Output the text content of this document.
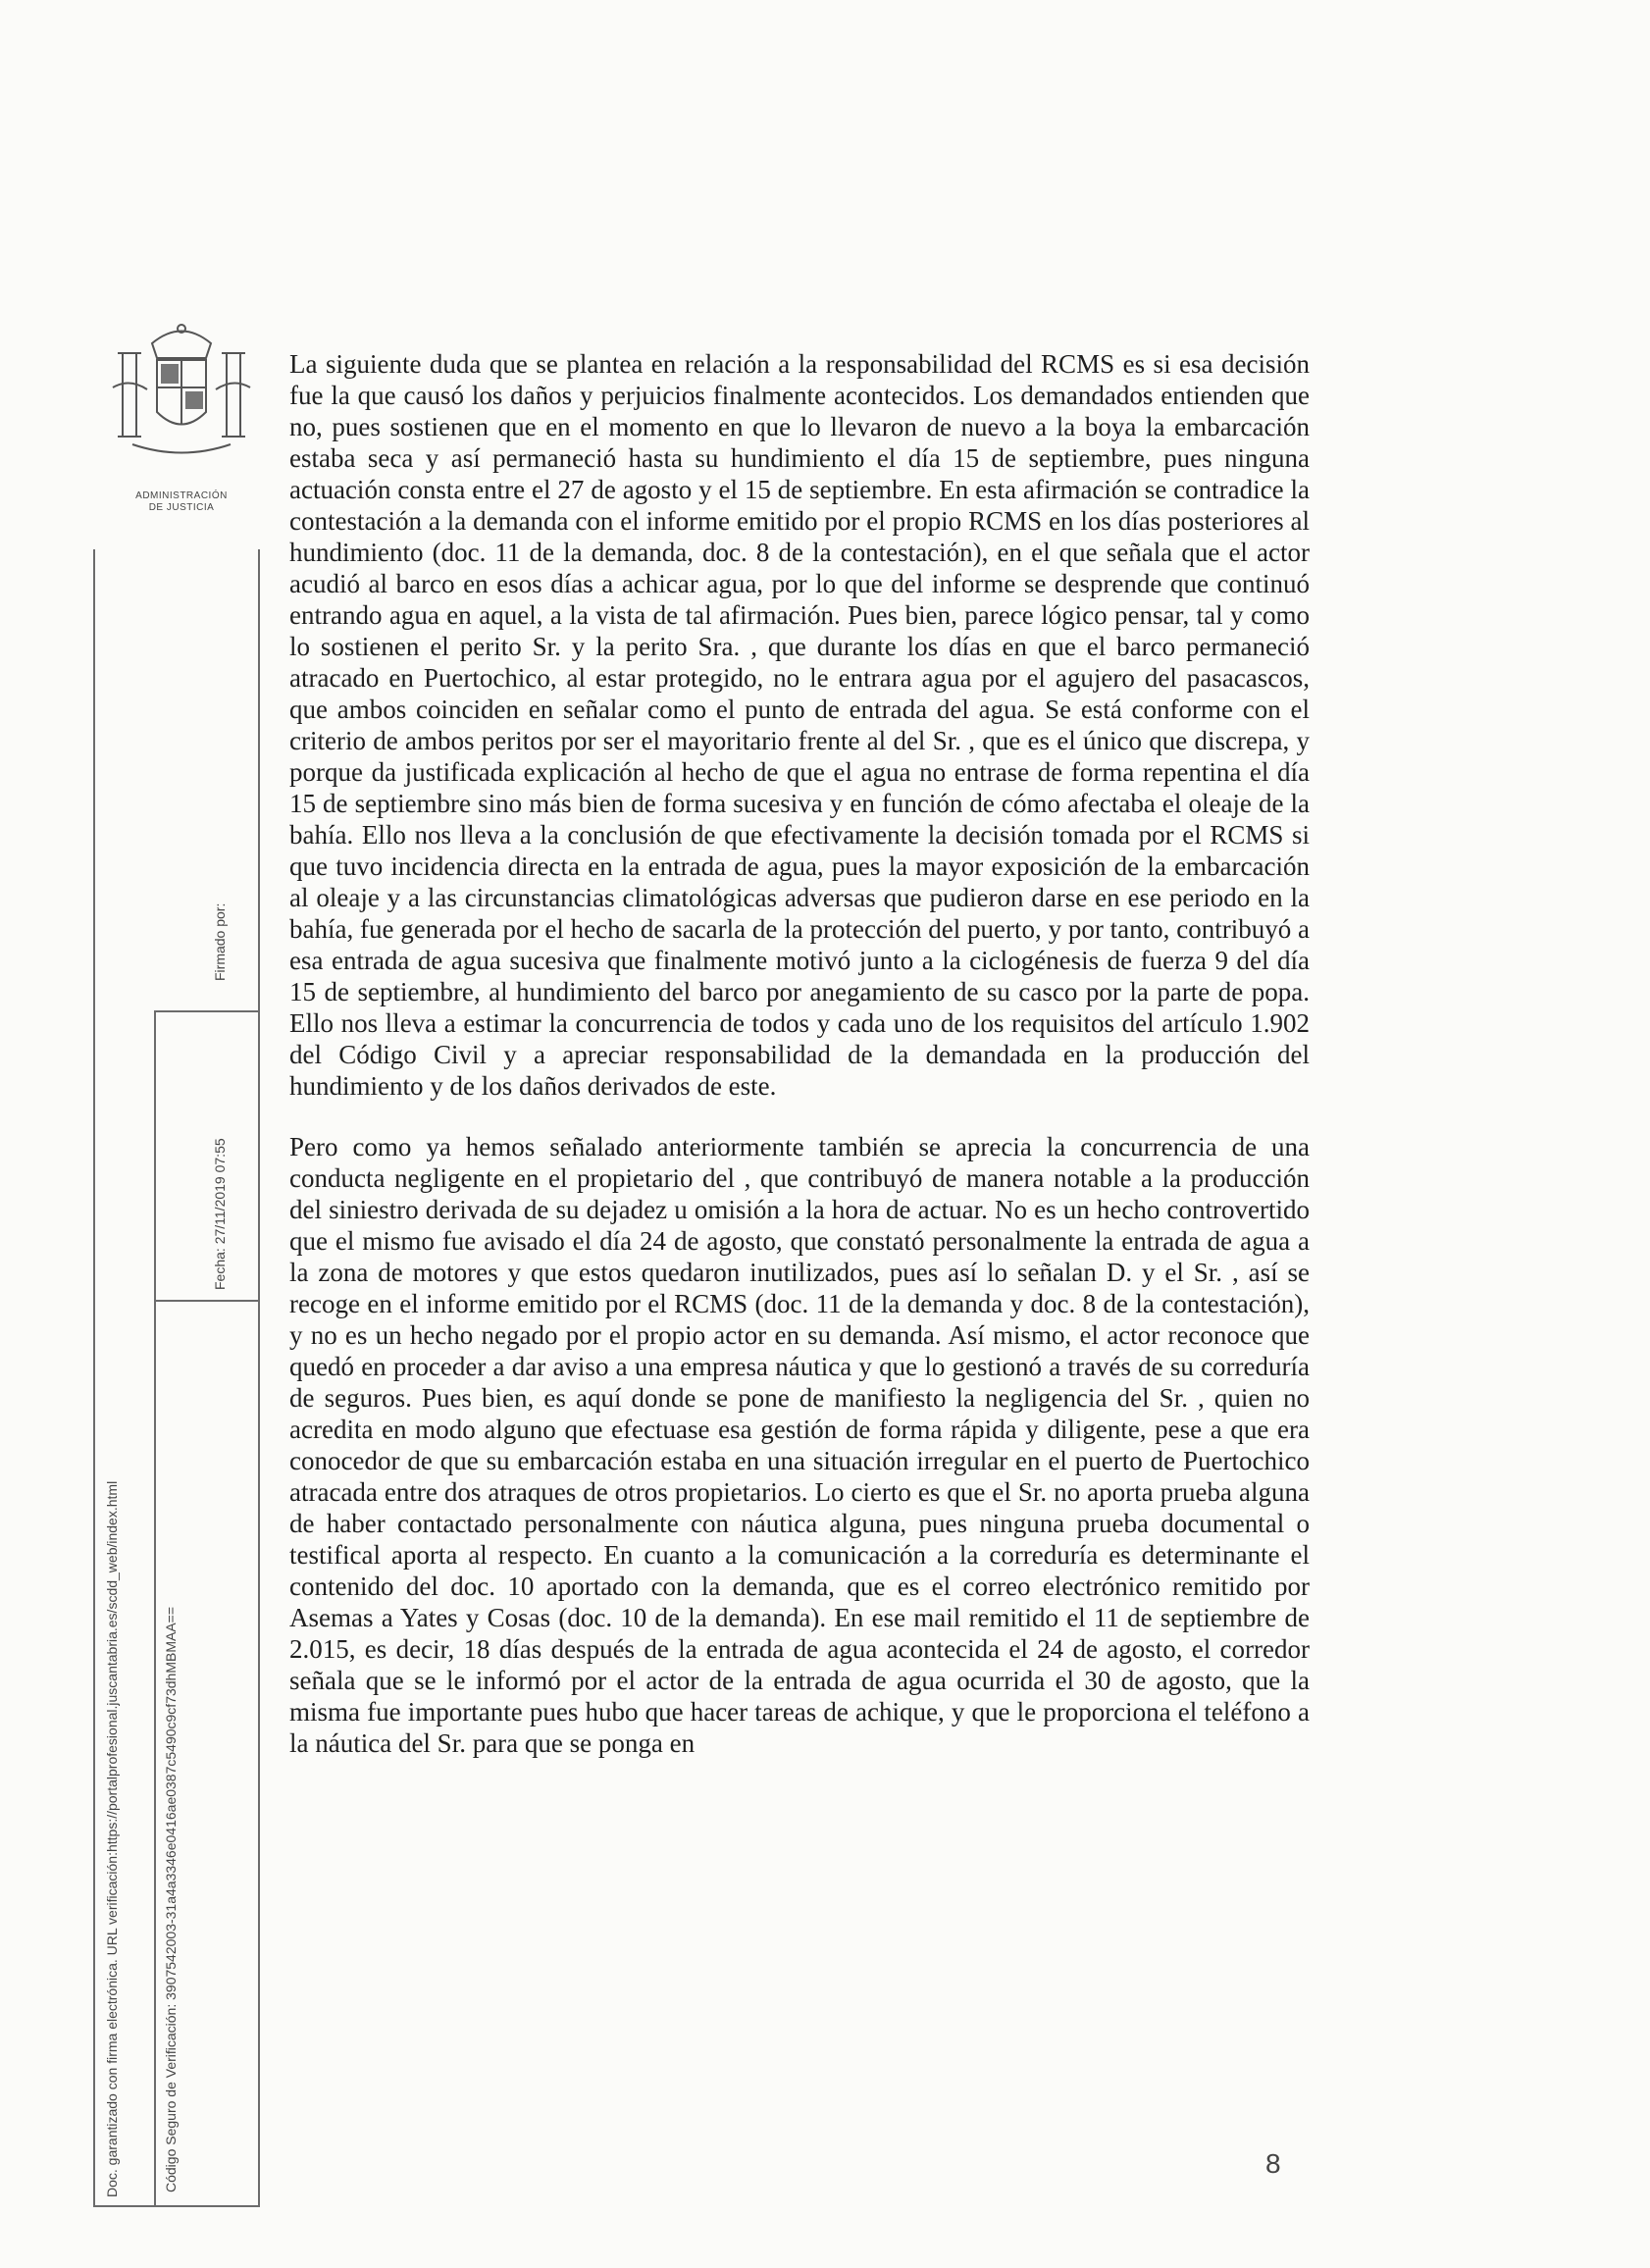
ADMINISTRACIÓN
DE JUSTICIA
Doc. garantizado con firma electrónica. URL verificación:https://portalprofesional.juscantabria.es/scdd_web/index.html	Código Seguro de Verificación: 3907542003-31a4a3346e0416ae0387c5490c9cf73dhMBMAA==
Firmado por:
Fecha: 27/11/2019 07:55

La siguiente duda que se plantea en relación a la responsabilidad del RCMS es si esa decisión fue la que causó los daños y perjuicios finalmente acontecidos. Los demandados entienden que no, pues sostienen que en el momento en que lo llevaron de nuevo a la boya la embarcación estaba seca y así permaneció hasta su hundimiento el día 15 de septiembre, pues ninguna actuación consta entre el 27 de agosto y el 15 de septiembre. En esta afirmación se contradice la contestación a la demanda con el informe emitido por el propio RCMS en los días posteriores al hundimiento (doc. 11 de la demanda, doc. 8 de la contestación), en el que señala que el actor acudió al barco en esos días a achicar agua, por lo que del informe se desprende que continuó entrando agua en aquel, a la vista de tal afirmación. Pues bien, parece lógico pensar, tal y como lo sostienen el perito Sr. y la perito Sra. , que durante los días en que el barco permaneció atracado en Puertochico, al estar protegido, no le entrara agua por el agujero del pasacascos, que ambos coinciden en señalar como el punto de entrada del agua. Se está conforme con el criterio de ambos peritos por ser el mayoritario frente al del Sr. , que es el único que discrepa, y porque da justificada explicación al hecho de que el agua no entrase de forma repentina el día 15 de septiembre sino más bien de forma sucesiva y en función de cómo afectaba el oleaje de la bahía. Ello nos lleva a la conclusión de que efectivamente la decisión tomada por el RCMS si que tuvo incidencia directa en la entrada de agua, pues la mayor exposición de la embarcación al oleaje y a las circunstancias climatológicas adversas que pudieron darse en ese periodo en la bahía, fue generada por el hecho de sacarla de la protección del puerto, y por tanto, contribuyó a esa entrada de agua sucesiva que finalmente motivó junto a la ciclogénesis de fuerza 9 del día 15 de septiembre, al hundimiento del barco por anegamiento de su casco por la parte de popa. Ello nos lleva a estimar la concurrencia de todos y cada uno de los requisitos del artículo 1.902 del Código Civil y a apreciar responsabilidad de la demandada en la producción del hundimiento y de los daños derivados de este.

Pero como ya hemos señalado anteriormente también se aprecia la concurrencia de una conducta negligente en el propietario del , que contribuyó de manera notable a la producción del siniestro derivada de su dejadez u omisión a la hora de actuar. No es un hecho controvertido que el mismo fue avisado el día 24 de agosto, que constató personalmente la entrada de agua a la zona de motores y que estos quedaron inutilizados, pues así lo señalan D. y el Sr. , así se recoge en el informe emitido por el RCMS (doc. 11 de la demanda y doc. 8 de la contestación), y no es un hecho negado por el propio actor en su demanda. Así mismo, el actor reconoce que quedó en proceder a dar aviso a una empresa náutica y que lo gestionó a través de su correduría de seguros. Pues bien, es aquí donde se pone de manifiesto la negligencia del Sr. , quien no acredita en modo alguno que efectuase esa gestión de forma rápida y diligente, pese a que era conocedor de que su embarcación estaba en una situación irregular en el puerto de Puertochico atracada entre dos atraques de otros propietarios. Lo cierto es que el Sr. no aporta prueba alguna de haber contactado personalmente con náutica alguna, pues ninguna prueba documental o testifical aporta al respecto. En cuanto a la comunicación a la correduría es determinante el contenido del doc. 10 aportado con la demanda, que es el correo electrónico remitido por Asemas a Yates y Cosas (doc. 10 de la demanda). En ese mail remitido el 11 de septiembre de 2.015, es decir, 18 días después de la entrada de agua acontecida el 24 de agosto, el corredor señala que se le informó por el actor de la entrada de agua ocurrida el 30 de agosto, que la misma fue importante pues hubo que hacer tareas de achique, y que le proporciona el teléfono a la náutica del Sr. para que se ponga en

8
